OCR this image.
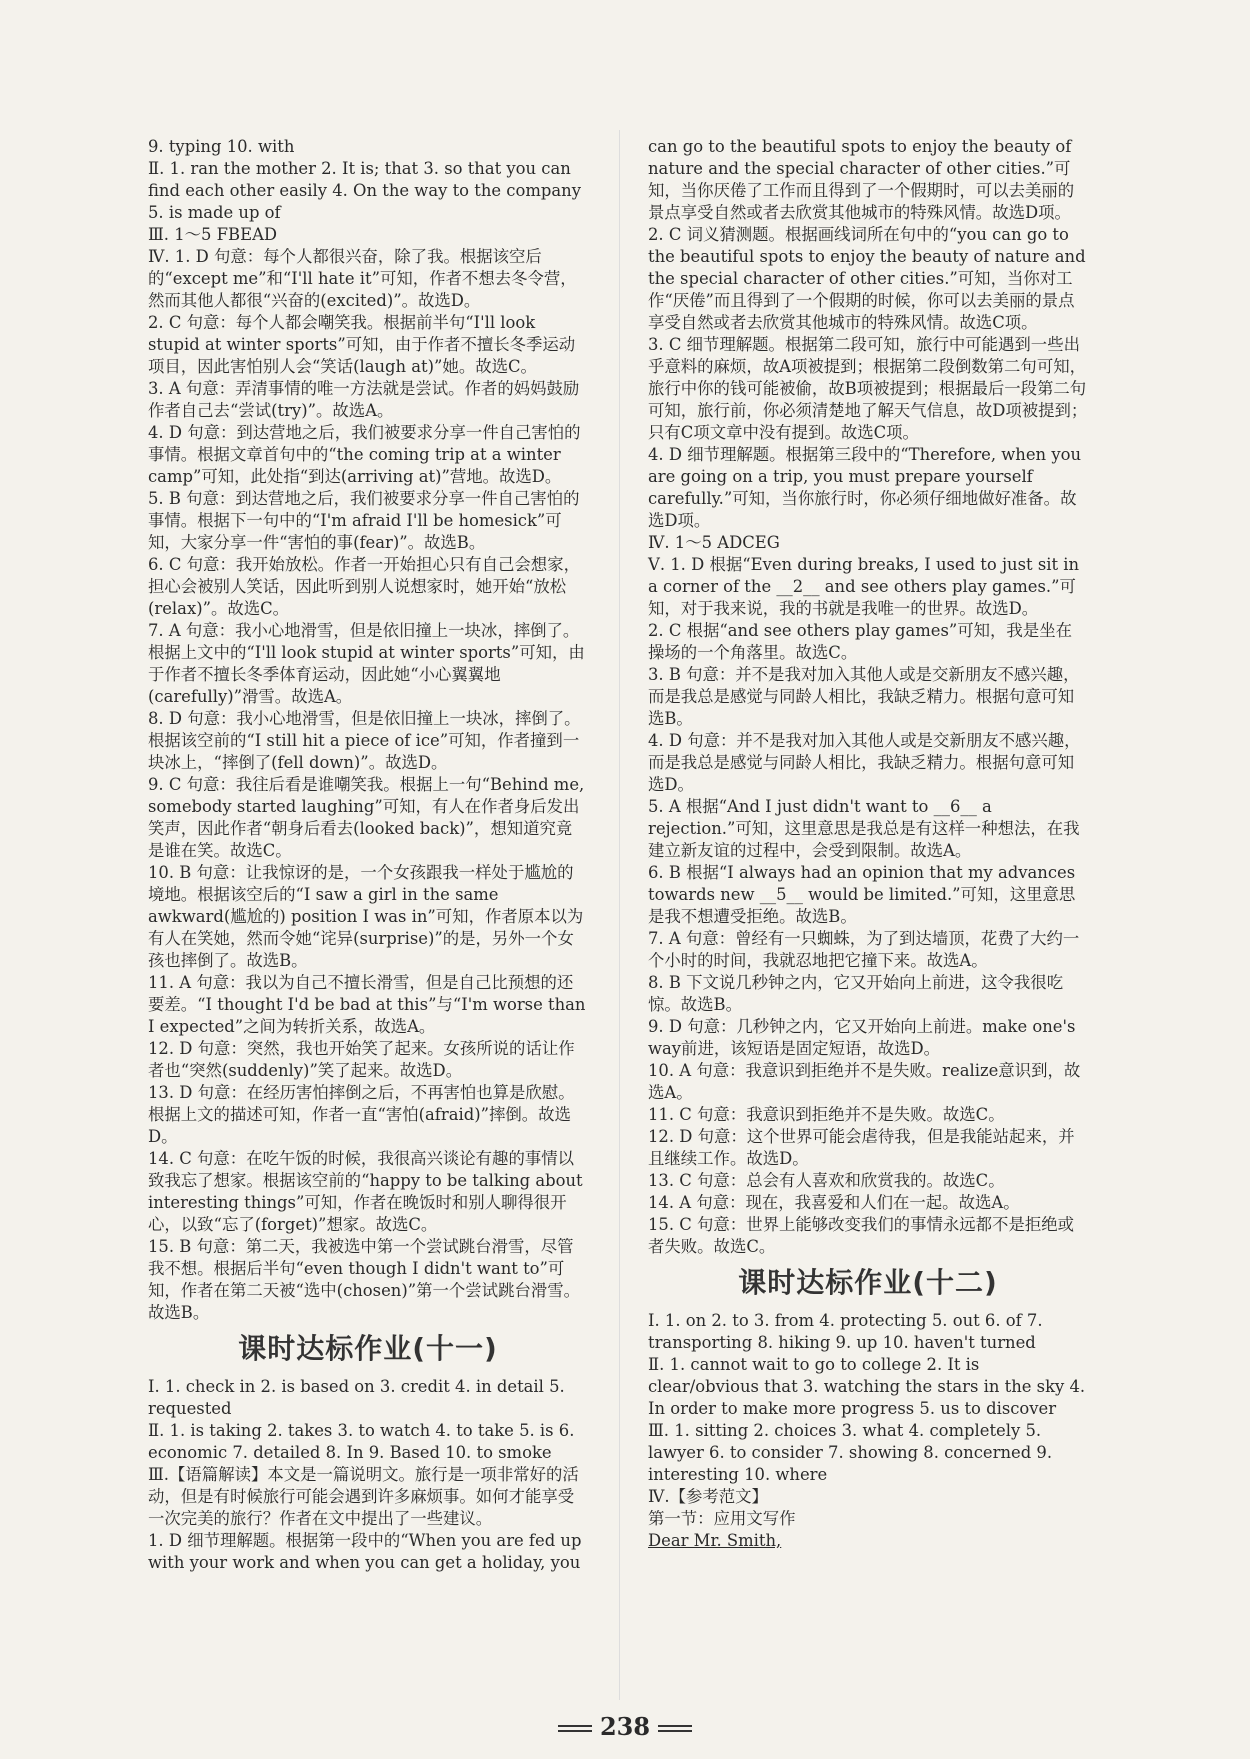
9. typing 10. with

Ⅱ. 1. ran the mother 2. It is; that 3. so that you can find each other easily 4. On the way to the company 5. is made up of

Ⅲ. 1～5 FBEAD

Ⅳ. 1. D 句意：每个人都很兴奋，除了我。根据该空后的“except me”和“I'll hate it”可知，作者不想去冬令营，然而其他人都很“兴奋的(excited)”。故选D。

2. C 句意：每个人都会嘲笑我。根据前半句“I'll look stupid at winter sports”可知，由于作者不擅长冬季运动项目，因此害怕别人会“笑话(laugh at)”她。故选C。

3. A 句意：弄清事情的唯一方法就是尝试。作者的妈妈鼓励作者自己去“尝试(try)”。故选A。

4. D 句意：到达营地之后，我们被要求分享一件自己害怕的事情。根据文章首句中的“the coming trip at a winter camp”可知，此处指“到达(arriving at)”营地。故选D。

5. B 句意：到达营地之后，我们被要求分享一件自己害怕的事情。根据下一句中的“I'm afraid I'll be homesick”可知，大家分享一件“害怕的事(fear)”。故选B。

6. C 句意：我开始放松。作者一开始担心只有自己会想家，担心会被别人笑话，因此听到别人说想家时，她开始“放松(relax)”。故选C。

7. A 句意：我小心地滑雪，但是依旧撞上一块冰，摔倒了。根据上文中的“I'll look stupid at winter sports”可知，由于作者不擅长冬季体育运动，因此她“小心翼翼地(carefully)”滑雪。故选A。

8. D 句意：我小心地滑雪，但是依旧撞上一块冰，摔倒了。根据该空前的“I still hit a piece of ice”可知，作者撞到一块冰上，“摔倒了(fell down)”。故选D。

9. C 句意：我往后看是谁嘲笑我。根据上一句“Behind me, somebody started laughing”可知，有人在作者身后发出笑声，因此作者“朝身后看去(looked back)”，想知道究竟是谁在笑。故选C。

10. B 句意：让我惊讶的是，一个女孩跟我一样处于尴尬的境地。根据该空后的“I saw a girl in the same awkward(尴尬的) position I was in”可知，作者原本以为有人在笑她，然而令她“诧异(surprise)”的是，另外一个女孩也摔倒了。故选B。

11. A 句意：我以为自己不擅长滑雪，但是自己比预想的还要差。“I thought I'd be bad at this”与“I'm worse than I expected”之间为转折关系，故选A。

12. D 句意：突然，我也开始笑了起来。女孩所说的话让作者也“突然(suddenly)”笑了起来。故选D。

13. D 句意：在经历害怕摔倒之后，不再害怕也算是欣慰。根据上文的描述可知，作者一直“害怕(afraid)”摔倒。故选D。

14. C 句意：在吃午饭的时候，我很高兴谈论有趣的事情以致我忘了想家。根据该空前的“happy to be talking about interesting things”可知，作者在晚饭时和别人聊得很开心，以致“忘了(forget)”想家。故选C。

15. B 句意：第二天，我被选中第一个尝试跳台滑雪，尽管我不想。根据后半句“even though I didn't want to”可知，作者在第二天被“选中(chosen)”第一个尝试跳台滑雪。故选B。

课时达标作业(十一)

Ⅰ. 1. check in 2. is based on 3. credit 4. in detail 5. requested

Ⅱ. 1. is taking 2. takes 3. to watch 4. to take 5. is 6. economic 7. detailed 8. In 9. Based 10. to smoke

Ⅲ.【语篇解读】本文是一篇说明文。旅行是一项非常好的活动，但是有时候旅行可能会遇到许多麻烦事。如何才能享受一次完美的旅行？作者在文中提出了一些建议。

1. D 细节理解题。根据第一段中的“When you are fed up with your work and when you can get a holiday, you

can go to the beautiful spots to enjoy the beauty of nature and the special character of other cities.”可知，当你厌倦了工作而且得到了一个假期时，可以去美丽的景点享受自然或者去欣赏其他城市的特殊风情。故选D项。

2. C 词义猜测题。根据画线词所在句中的“you can go to the beautiful spots to enjoy the beauty of nature and the special character of other cities.”可知，当你对工作“厌倦”而且得到了一个假期的时候，你可以去美丽的景点享受自然或者去欣赏其他城市的特殊风情。故选C项。

3. C 细节理解题。根据第二段可知，旅行中可能遇到一些出乎意料的麻烦，故A项被提到；根据第二段倒数第二句可知，旅行中你的钱可能被偷，故B项被提到；根据最后一段第二句可知，旅行前，你必须清楚地了解天气信息，故D项被提到；只有C项文章中没有提到。故选C项。

4. D 细节理解题。根据第三段中的“Therefore, when you are going on a trip, you must prepare yourself carefully.”可知，当你旅行时，你必须仔细地做好准备。故选D项。

Ⅳ. 1～5 ADCEG

Ⅴ. 1. D 根据“Even during breaks, I used to just sit in a corner of the __2__ and see others play games.”可知，对于我来说，我的书就是我唯一的世界。故选D。

2. C 根据“and see others play games”可知，我是坐在操场的一个角落里。故选C。

3. B 句意：并不是我对加入其他人或是交新朋友不感兴趣，而是我总是感觉与同龄人相比，我缺乏精力。根据句意可知选B。

4. D 句意：并不是我对加入其他人或是交新朋友不感兴趣，而是我总是感觉与同龄人相比，我缺乏精力。根据句意可知选D。

5. A 根据“And I just didn't want to __6__ a rejection.”可知，这里意思是我总是有这样一种想法，在我建立新友谊的过程中，会受到限制。故选A。

6. B 根据“I always had an opinion that my advances towards new __5__ would be limited.”可知，这里意思是我不想遭受拒绝。故选B。

7. A 句意：曾经有一只蜘蛛，为了到达墙顶，花费了大约一个小时的时间，我就忍地把它撞下来。故选A。

8. B 下文说几秒钟之内，它又开始向上前进，这令我很吃惊。故选B。

9. D 句意：几秒钟之内，它又开始向上前进。make one's way前进，该短语是固定短语，故选D。

10. A 句意：我意识到拒绝并不是失败。realize意识到，故选A。

11. C 句意：我意识到拒绝并不是失败。故选C。

12. D 句意：这个世界可能会虐待我，但是我能站起来，并且继续工作。故选D。

13. C 句意：总会有人喜欢和欣赏我的。故选C。

14. A 句意：现在，我喜爱和人们在一起。故选A。

15. C 句意：世界上能够改变我们的事情永远都不是拒绝或者失败。故选C。

课时达标作业(十二)

Ⅰ. 1. on 2. to 3. from 4. protecting 5. out 6. of 7. transporting 8. hiking 9. up 10. haven't turned

Ⅱ. 1. cannot wait to go to college 2. It is clear/obvious that 3. watching the stars in the sky 4. In order to make more progress 5. us to discover

Ⅲ. 1. sitting 2. choices 3. what 4. completely 5. lawyer 6. to consider 7. showing 8. concerned 9. interesting 10. where

Ⅳ.【参考范文】

第一节：应用文写作

Dear Mr. Smith,

238
